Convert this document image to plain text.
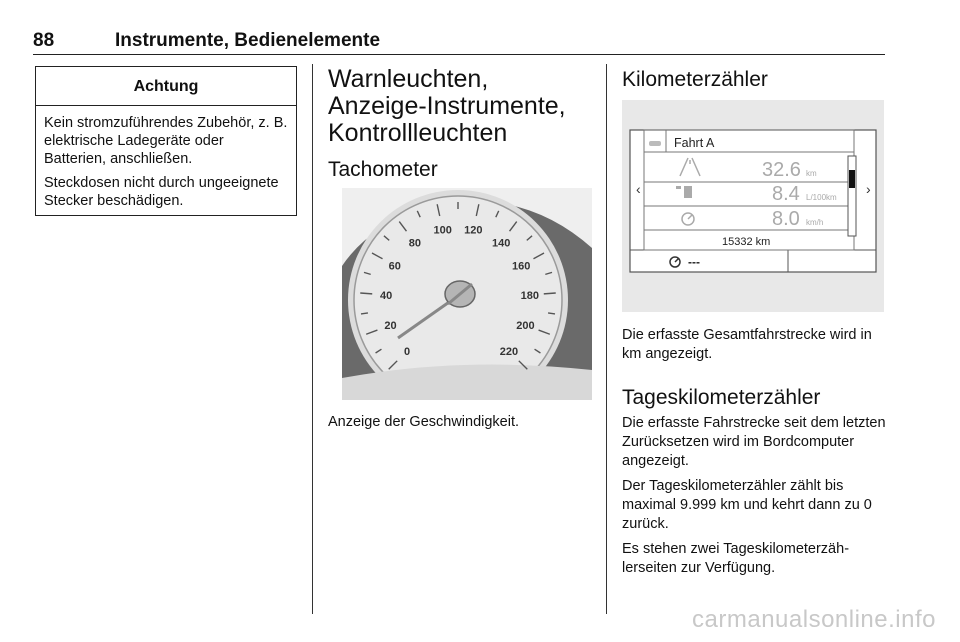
88	Instrumente, Bedienelemente
Achtung

Kein stromzuführendes Zubehör, z. B. elektrische Ladegeräte oder Batterien, anschließen.

Steckdosen nicht durch ungeeignete Stecker beschädigen.

Warnleuchten,
Anzeige-Instrumente,
Kontrollleuchten
Tachometer
0
20
40
60
80
100 120
140
160
180
200
220
Anzeige der Geschwindigkeit.
Kilometerzähler
‹	›
Fahrt A
32.6 km
8.4 L/100km
8.0 km/h
15332 km
---
Die erfasste Gesamtfahrstrecke wird in km angezeigt.
Tageskilometerzähler

Die erfasste Fahrstrecke seit dem letzten Zurücksetzen wird im Bordcomputer angezeigt.

Der Tageskilometerzähler zählt bis maximal 9.999 km und kehrt dann zu 0 zurück.

Es stehen zwei Tageskilometerzählerseiten zur Verfügung.

carmanualsonline.info
